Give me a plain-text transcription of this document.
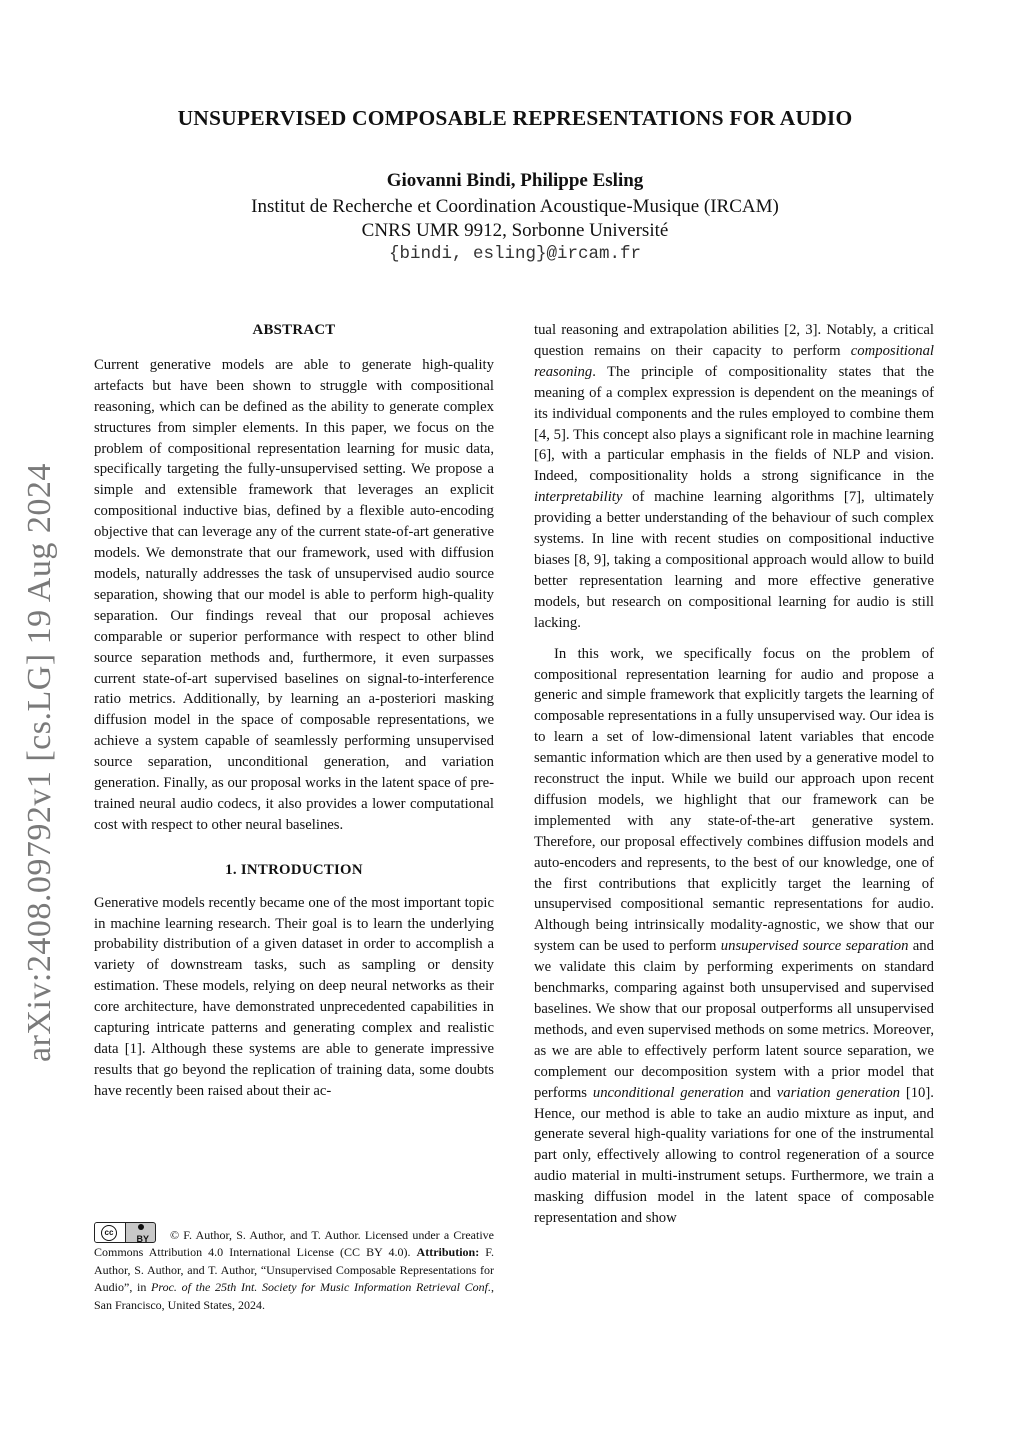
arXiv:2408.09792v1 [cs.LG] 19 Aug 2024
UNSUPERVISED COMPOSABLE REPRESENTATIONS FOR AUDIO
Giovanni Bindi, Philippe Esling
Institut de Recherche et Coordination Acoustique-Musique (IRCAM)
CNRS UMR 9912, Sorbonne Université
{bindi, esling}@ircam.fr
ABSTRACT

Current generative models are able to generate high-quality artefacts but have been shown to struggle with compositional reasoning, which can be defined as the ability to generate complex structures from simpler elements. In this paper, we focus on the problem of compositional representation learning for music data, specifically targeting the fully-unsupervised setting. We propose a simple and extensible framework that leverages an explicit compositional inductive bias, defined by a flexible auto-encoding objective that can leverage any of the current state-of-art generative models. We demonstrate that our framework, used with diffusion models, naturally addresses the task of unsupervised audio source separation, showing that our model is able to perform high-quality separation. Our findings reveal that our proposal achieves comparable or superior performance with respect to other blind source separation methods and, furthermore, it even surpasses current state-of-art supervised baselines on signal-to-interference ratio metrics. Additionally, by learning an a-posteriori masking diffusion model in the space of composable representations, we achieve a system capable of seamlessly performing unsupervised source separation, unconditional generation, and variation generation. Finally, as our proposal works in the latent space of pre-trained neural audio codecs, it also provides a lower computational cost with respect to other neural baselines.

1. INTRODUCTION

Generative models recently became one of the most important topic in machine learning research. Their goal is to learn the underlying probability distribution of a given dataset in order to accomplish a variety of downstream tasks, such as sampling or density estimation. These models, relying on deep neural networks as their core architecture, have demonstrated unprecedented capabilities in capturing intricate patterns and generating complex and realistic data [1]. Although these systems are able to generate impressive results that go beyond the replication of training data, some doubts have recently been raised about their ac-

tual reasoning and extrapolation abilities [2, 3]. Notably, a critical question remains on their capacity to perform compositional reasoning. The principle of compositionality states that the meaning of a complex expression is dependent on the meanings of its individual components and the rules employed to combine them [4, 5]. This concept also plays a significant role in machine learning [6], with a particular emphasis in the fields of NLP and vision. Indeed, compositionality holds a strong significance in the interpretability of machine learning algorithms [7], ultimately providing a better understanding of the behaviour of such complex systems. In line with recent studies on compositional inductive biases [8, 9], taking a compositional approach would allow to build better representation learning and more effective generative models, but research on compositional learning for audio is still lacking.

In this work, we specifically focus on the problem of compositional representation learning for audio and propose a generic and simple framework that explicitly targets the learning of composable representations in a fully unsupervised way. Our idea is to learn a set of low-dimensional latent variables that encode semantic information which are then used by a generative model to reconstruct the input. While we build our approach upon recent diffusion models, we highlight that our framework can be implemented with any state-of-the-art generative system. Therefore, our proposal effectively combines diffusion models and auto-encoders and represents, to the best of our knowledge, one of the first contributions that explicitly target the learning of unsupervised compositional semantic representations for audio. Although being intrinsically modality-agnostic, we show that our system can be used to perform unsupervised source separation and we validate this claim by performing experiments on standard benchmarks, comparing against both unsupervised and supervised baselines. We show that our proposal outperforms all unsupervised methods, and even supervised methods on some metrics. Moreover, as we are able to effectively perform latent source separation, we complement our decomposition system with a prior model that performs unconditional generation and variation generation [10]. Hence, our method is able to take an audio mixture as input, and generate several high-quality variations for one of the instrumental part only, effectively allowing to control regeneration of a source audio material in multi-instrument setups. Furthermore, we train a masking diffusion model in the latent space of composable representation and show

cc
BY © F. Author, S. Author, and T. Author. Licensed under a Creative Commons Attribution 4.0 International License (CC BY 4.0). Attribution: F. Author, S. Author, and T. Author, “Unsupervised Composable Representations for Audio”, in Proc. of the 25th Int. Society for Music Information Retrieval Conf., San Francisco, United States, 2024.
